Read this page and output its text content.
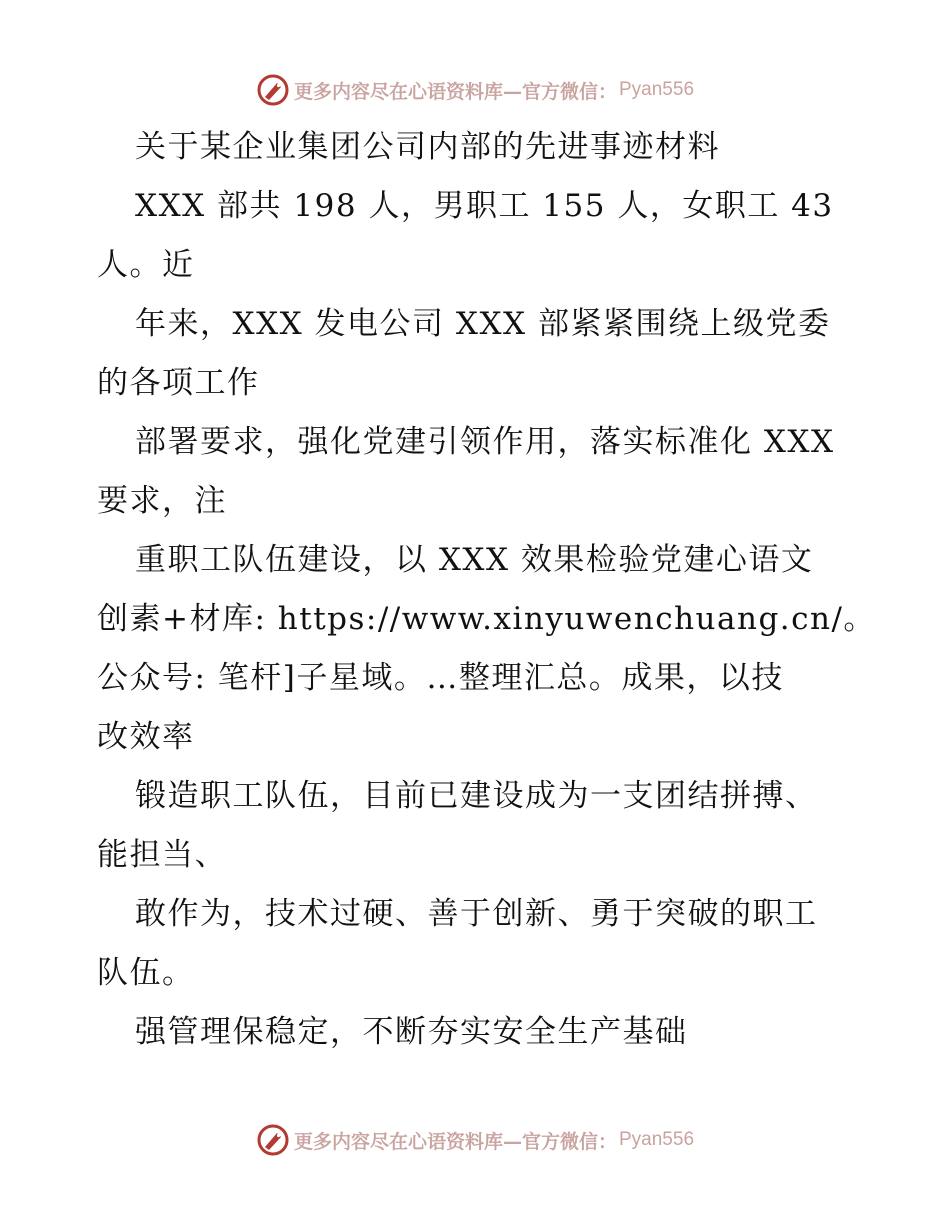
更多内容尽在心语资料库—官方微信： Pyan556
关于某企业集团公司内部的先进事迹材料
XXX 部共 198 人，男职工 155 人，女职工 43
人。近
年来，XXX 发电公司 XXX 部紧紧围绕上级党委
的各项工作
部署要求，强化党建引领作用，落实标准化 XXX
要求，注
重职工队伍建设，以 XXX 效果检验党建心语文
创素+材库: https://www.xinyuwenchuang.cn/。
公众号: 笔杆]子星域。…整理汇总。成果，以技
改效率
锻造职工队伍，目前已建设成为一支团结拼搏、
能担当、
敢作为，技术过硬、善于创新、勇于突破的职工
队伍。
强管理保稳定，不断夯实安全生产基础
更多内容尽在心语资料库—官方微信： Pyan556
